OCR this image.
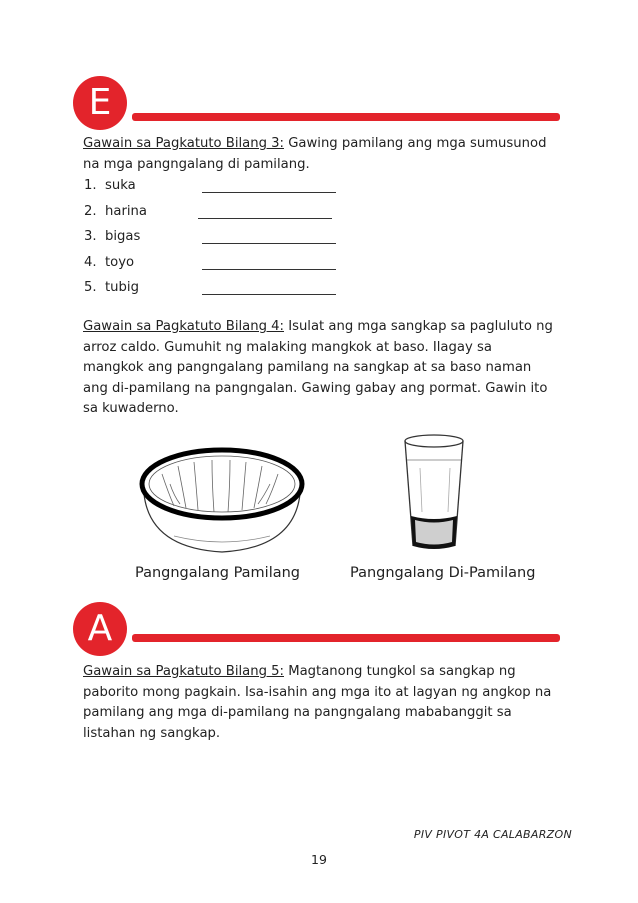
E
Gawain sa Pagkatuto Bilang 3: Gawing pamilang ang mga sumusunod na mga pangngalang di pamilang.
1. suka
2. harina
3. bigas
4. toyo
5. tubig
Gawain sa Pagkatuto Bilang 4: Isulat ang mga sangkap sa pagluluto ng arroz caldo. Gumuhit ng malaking mangkok at baso. Ilagay sa mangkok ang pangngalang pamilang na sangkap at sa baso naman ang di-pamilang na pangngalan. Gawing gabay ang pormat. Gawin ito sa kuwaderno.
Pangngalang Pamilang	Pangngalang Di-Pamilang
A
Gawain sa Pagkatuto Bilang 5: Magtanong tungkol sa sangkap ng paborito mong pagkain. Isa-isahin ang mga ito at lagyan ng angkop na pamilang ang mga di-pamilang na pangngalang mababanggit sa listahan ng sangkap.
PIV PIVOT 4A CALABARZON
19
